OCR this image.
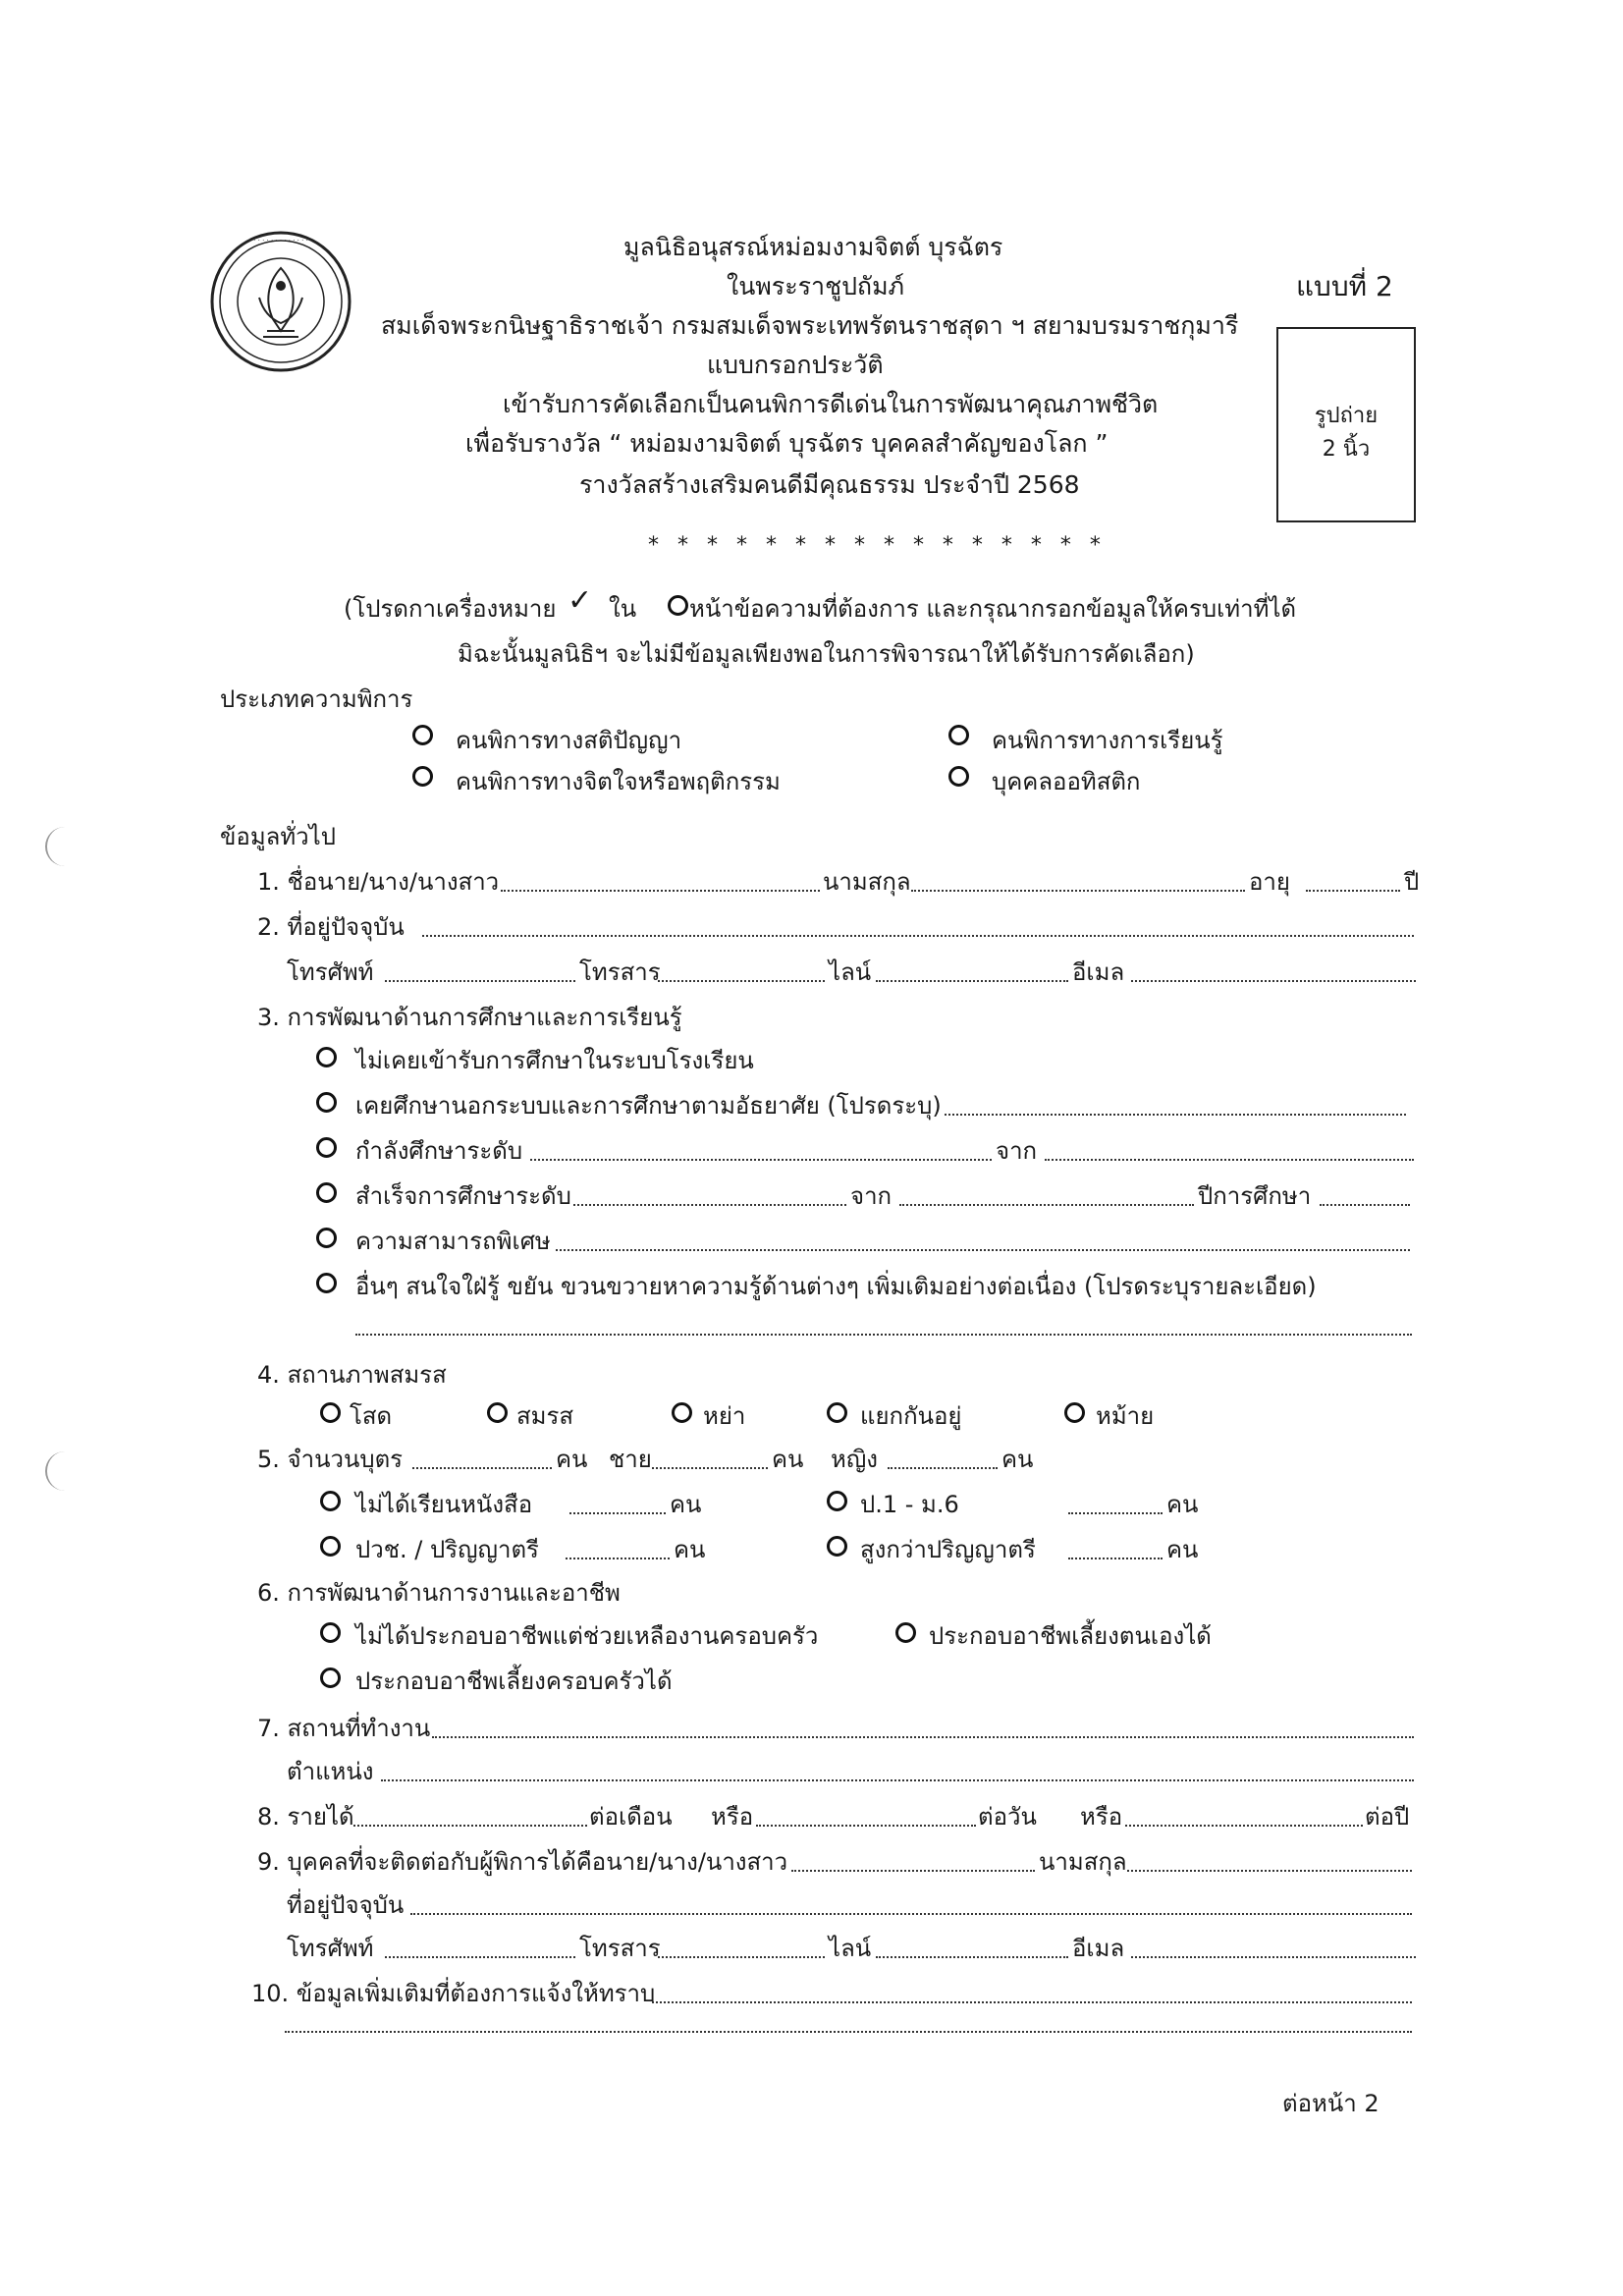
· · · · · · · · · · · · · · ·	มูลนิธิอนุสรณ์หม่อมงามจิตต์ บุรฉัตร
ในพระราชูปถัมภ์
สมเด็จพระกนิษฐาธิราชเจ้า กรมสมเด็จพระเทพรัตนราชสุดา ฯ สยามบรมราชกุมารี
แบบกรอกประวัติ
เข้ารับการคัดเลือกเป็นคนพิการดีเด่นในการพัฒนาคุณภาพชีวิต
เพื่อรับรางวัล “ หม่อมงามจิตต์ บุรฉัตร บุคคลสำคัญของโลก ”
รางวัลสร้างเสริมคนดีมีคุณธรรม ประจำปี 2568
แบบที่ 2
รูปถ่าย
2 นิ้ว
* * * * * * * * * * * * * * * *
(โปรดกาเครื่องหมาย ✓ ใน หน้าข้อความที่ต้องการ และกรุณากรอกข้อมูลให้ครบเท่าที่ได้
มิฉะนั้นมูลนิธิฯ จะไม่มีข้อมูลเพียงพอในการพิจารณาให้ได้รับการคัดเลือก)
ประเภทความพิการ
คนพิการทางสติปัญญา	คนพิการทางการเรียนรู้
คนพิการทางจิตใจหรือพฤติกรรม	บุคคลออทิสติก
ข้อมูลทั่วไป
1. ชื่อนาย/นาง/นางสาว	นามสกุล	อายุ	ปี
2. ที่อยู่ปัจจุบัน
โทรศัพท์	โทรสาร	ไลน์	อีเมล
3. การพัฒนาด้านการศึกษาและการเรียนรู้
ไม่เคยเข้ารับการศึกษาในระบบโรงเรียน
เคยศึกษานอกระบบและการศึกษาตามอัธยาศัย (โปรดระบุ)
กำลังศึกษาระดับ	จาก
สำเร็จการศึกษาระดับ	จาก	ปีการศึกษา
ความสามารถพิเศษ
อื่นๆ สนใจใฝ่รู้ ขยัน ขวนขวายหาความรู้ด้านต่างๆ เพิ่มเติมอย่างต่อเนื่อง (โปรดระบุรายละเอียด)
4. สถานภาพสมรส
โสด	สมรส	หย่า	แยกกันอยู่	หม้าย
5. จำนวนบุตร	คน ชาย	คน หญิง	คน
ไม่ได้เรียนหนังสือ	คน	ป.1 - ม.6	คน
ปวช. / ปริญญาตรี	คน	สูงกว่าปริญญาตรี	คน
6. การพัฒนาด้านการงานและอาชีพ
ไม่ได้ประกอบอาชีพแต่ช่วยเหลืองานครอบครัว	ประกอบอาชีพเลี้ยงตนเองได้
ประกอบอาชีพเลี้ยงครอบครัวได้
7. สถานที่ทำงาน
ตำแหน่ง
8. รายได้	ต่อเดือน หรือ	ต่อวัน หรือ	ต่อปี
9. บุคคลที่จะติดต่อกับผู้พิการได้คือนาย/นาง/นางสาว	นามสกุล
ที่อยู่ปัจจุบัน
โทรศัพท์	โทรสาร	ไลน์	อีเมล
10. ข้อมูลเพิ่มเติมที่ต้องการแจ้งให้ทราบ
ต่อหน้า 2
